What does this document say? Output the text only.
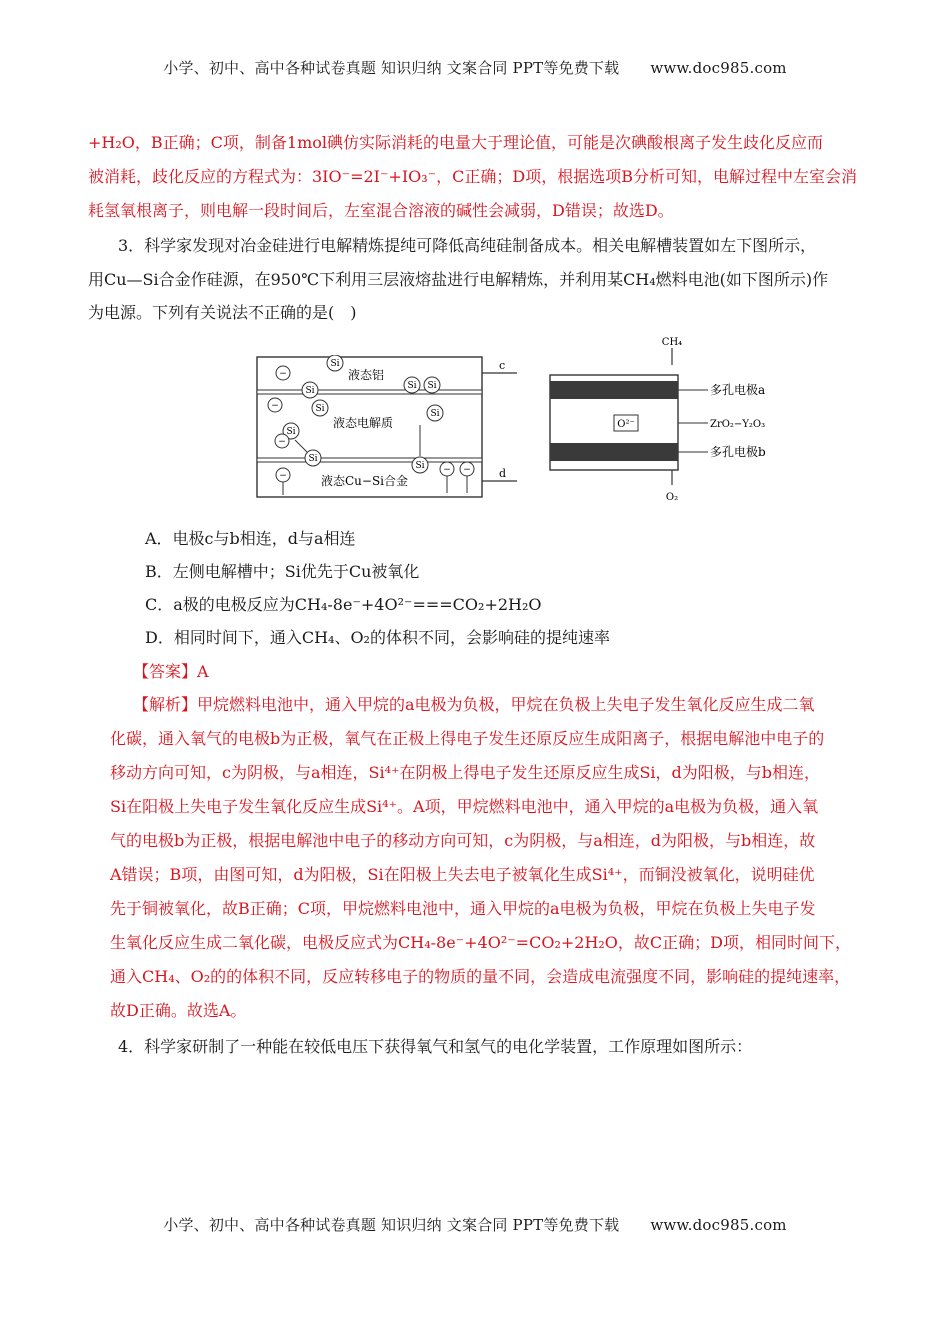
小学、初中、高中各种试卷真题 知识归纳 文案合同 PPT等免费下载 www.doc985.com
+H₂O，B正确；C项，制备1mol碘仿实际消耗的电量大于理论值，可能是次碘酸根离子发生歧化反应而
被消耗，歧化反应的方程式为：3IO⁻=2I⁻+IO₃⁻，C正确；D项，根据选项B分析可知，电解过程中左室会消
耗氢氧根离子，则电解一段时间后，左室混合溶液的碱性会减弱，D错误；故选D。
3．科学家发现对冶金硅进行电解精炼提纯可降低高纯硅制备成本。相关电解槽装置如左下图所示，
用Cu—Si合金作硅源，在950℃下利用三层液熔盐进行电解精炼，并利用某CH₄燃料电池(如下图所示)作
为电源。下列有关说法不正确的是(　)
c
d
液态铝
液态电解质
液态Cu−Si合金
−
Si
Si
Si Si
−
Si
Si	Si
−
Si
Si
−
− −
CH₄
O²⁻
O₂
多孔电极a
ZrO₂−Y₂O₃
多孔电极b
A．电极c与b相连，d与a相连
B．左侧电解槽中；Si优先于Cu被氧化
C．a极的电极反应为CH₄-8e⁻+4O²⁻===CO₂+2H₂O
D．相同时间下，通入CH₄、O₂的体积不同，会影响硅的提纯速率
【答案】A
【解析】甲烷燃料电池中，通入甲烷的a电极为负极，甲烷在负极上失电子发生氧化反应生成二氧
化碳，通入氧气的电极b为正极，氧气在正极上得电子发生还原反应生成阳离子，根据电解池中电子的
移动方向可知，c为阴极，与a相连，Si⁴⁺在阴极上得电子发生还原反应生成Si，d为阳极，与b相连，
Si在阳极上失电子发生氧化反应生成Si⁴⁺。A项，甲烷燃料电池中，通入甲烷的a电极为负极，通入氧
气的电极b为正极，根据电解池中电子的移动方向可知，c为阴极，与a相连，d为阳极，与b相连，故
A错误；B项，由图可知，d为阳极，Si在阳极上失去电子被氧化生成Si⁴⁺，而铜没被氧化，说明硅优
先于铜被氧化，故B正确；C项，甲烷燃料电池中，通入甲烷的a电极为负极，甲烷在负极上失电子发
生氧化反应生成二氧化碳，电极反应式为CH₄-8e⁻+4O²⁻=CO₂+2H₂O，故C正确；D项，相同时间下，
通入CH₄、O₂的的体积不同，反应转移电子的物质的量不同，会造成电流强度不同，影响硅的提纯速率，
故D正确。故选A。
4．科学家研制了一种能在较低电压下获得氧气和氢气的电化学装置，工作原理如图所示：
小学、初中、高中各种试卷真题 知识归纳 文案合同 PPT等免费下载 www.doc985.com
